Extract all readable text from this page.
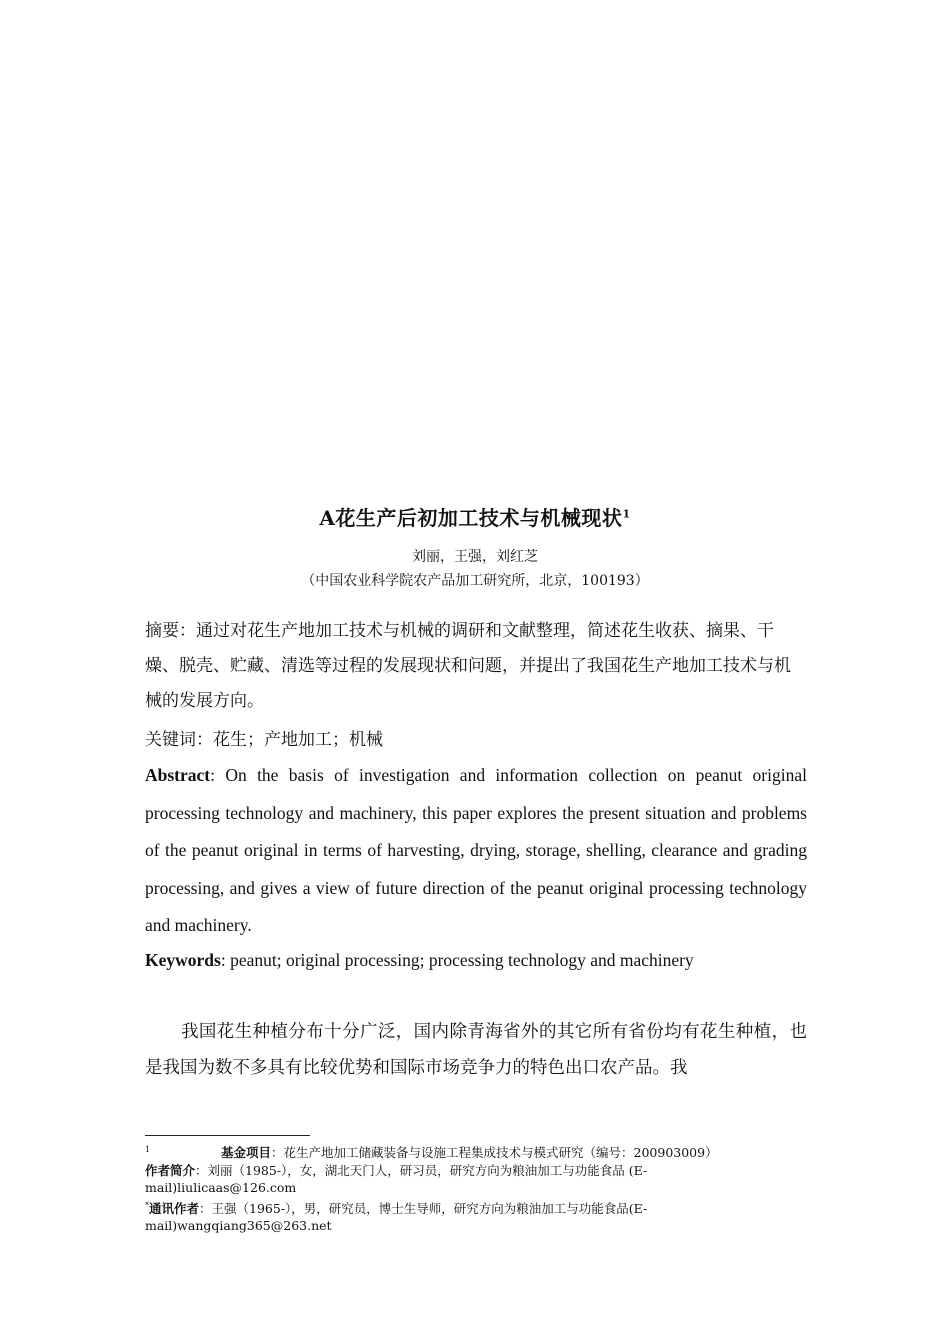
A花生产后初加工技术与机械现状$^1$
刘丽，王强，刘红芝
（中国农业科学院农产品加工研究所，北京，100193）
摘要：通过对花生产地加工技术与机械的调研和文献整理，简述花生收获、摘果、干燥、脱壳、贮藏、清选等过程的发展现状和问题，并提出了我国花生产地加工技术与机械的发展方向。
关键词：花生；产地加工；机械
Abstract: On the basis of investigation and information collection on peanut original processing technology and machinery, this paper explores the present situation and problems of the peanut original in terms of harvesting, drying, storage, shelling, clearance and grading processing, and gives a view of future direction of the peanut original processing technology and machinery.
Keywords: peanut; original processing; processing technology and machinery
我国花生种植分布十分广泛，国内除青海省外的其它所有省份均有花生种植，也是我国为数不多具有比较优势和国际市场竞争力的特色出口农产品。我
1	基金项目：花生产地加工储藏装备与设施工程集成技术与模式研究（编号：200903009）
作者简介：刘丽（1985-），女，湖北天门人，研习员，研究方向为粮油加工与功能食品 (E-mail)liulicaas@126.com
*通讯作者：王强（1965-），男，研究员，博士生导师，研究方向为粮油加工与功能食品(E-mail)wangqiang365@263.net
